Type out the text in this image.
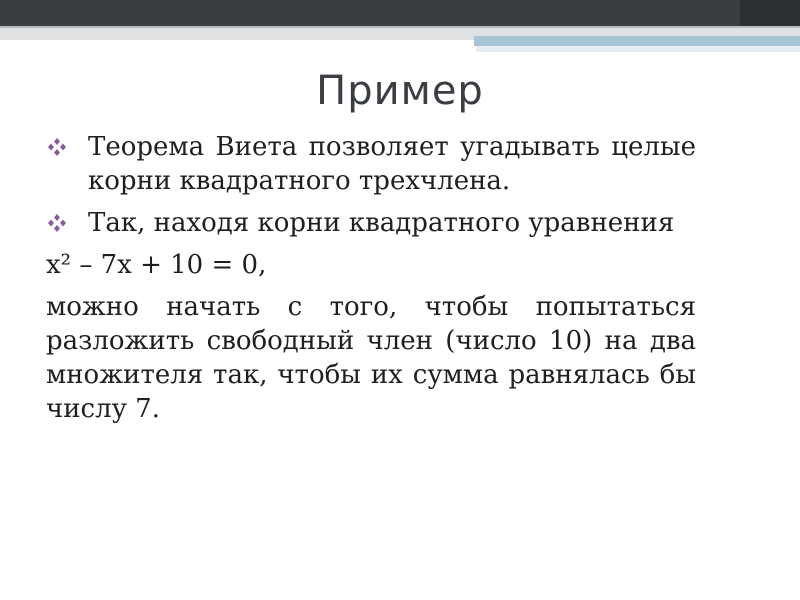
Пример
Теорема Виета позволяет угадывать целые корни квадратного трехчлена.
Так, находя корни квадратного уравнения
x² – 7x + 10 = 0,
можно начать с того, чтобы попытаться разложить свободный член (число 10) на два множителя так, чтобы их сумма равнялась бы числу 7.
